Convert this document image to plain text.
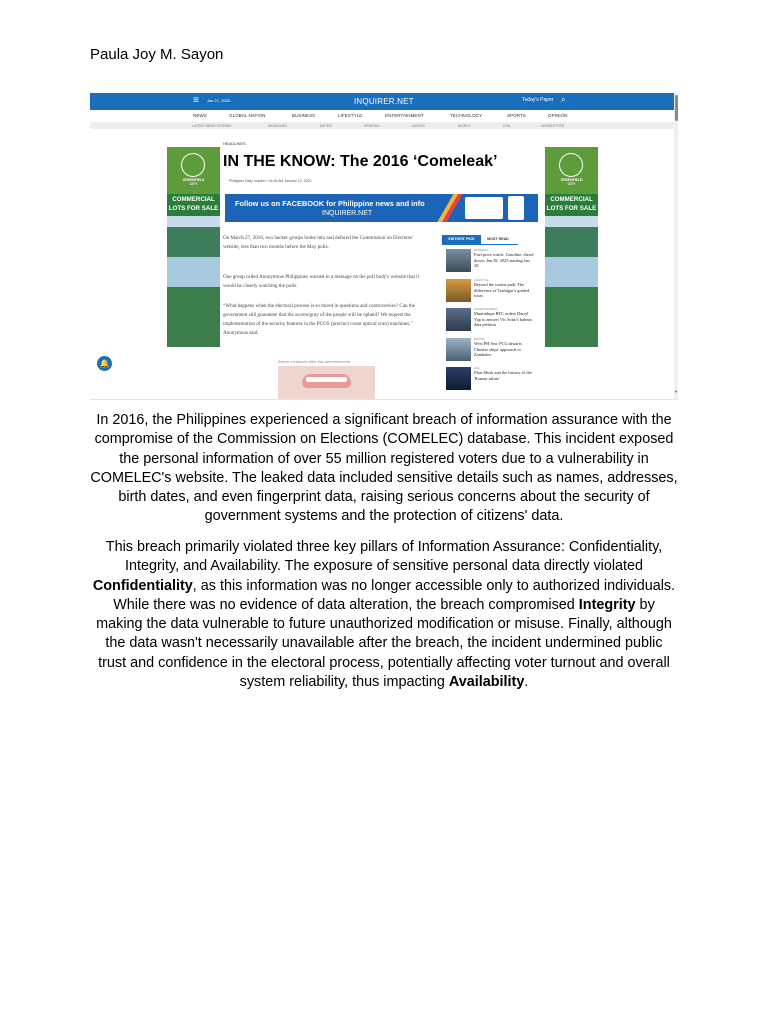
Paula Joy M. Sayon
≡ Jan 27, 2025	INQUIRER.NET	Today's Paper ⌕
NEWS	GLOBAL NATION	BUSINESS	LIFESTYLE	ENTERTAINMENT	TECHNOLOGY	SPORTS	OPINION
LATEST NEWS STORIES	HEADLINES	METRO	REGIONS	NATION	WORLD	CDN	NEWSLETTER
▼
HEADLINES
IN THE KNOW: The 2016 ‘Comeleak’
Philippine Daily Inquirer / 04:36 AM January 12, 2022
GREENFIELD
CITY
COMMERCIAL
LOTS FOR SALE
GREENFIELD
CITY
COMMERCIAL
LOTS FOR SALE
Follow us on FACEBOOK for Philippine news and info
INQUIRER.NET
On March 27, 2016, two hacker groups broke into and defaced the Commission on Elections' website, less than two months before the May polls.
One group called Anonymous Philippines warned in a message on the poll body's website that it would be closely watching the polls.
“What happens when the electoral process is so mired in questions and controversies? Can the government still guarantee that the sovereignty of the people will be upheld? We request the implementation of the security features in the PCOS (precinct count optical scan) machines,” Anonymous said.
EDITORS' PICK	MOST READ
BUSINESS
Fuel price watch: Gasoline, diesel down; Jan 28, 2025 starting Jan 28
LIFESTYLE
Beyond the tourist path: The difference of Trafalgar's guided tours
ENTERTAINMENT
Muntinlupa RTC orders Darryl Yap to answer Vic Sotto's habeas data petition
NATION
West PH Sea: PCG thwarts Chinese ships' approach to Zambales
USA
Elon Musk and the history of the 'Roman salute'
Article continues after this advertisement
🔔
In 2016, the Philippines experienced a significant breach of information assurance with the compromise of the Commission on Elections (COMELEC) database. This incident exposed the personal information of over 55 million registered voters due to a vulnerability in COMELEC's website. The leaked data included sensitive details such as names, addresses, birth dates, and even fingerprint data, raising serious concerns about the security of government systems and the protection of citizens' data.
This breach primarily violated three key pillars of Information Assurance: Confidentiality, Integrity, and Availability. The exposure of sensitive personal data directly violated Confidentiality, as this information was no longer accessible only to authorized individuals. While there was no evidence of data alteration, the breach compromised Integrity by making the data vulnerable to future unauthorized modification or misuse. Finally, although the data wasn't necessarily unavailable after the breach, the incident undermined public trust and confidence in the electoral process, potentially affecting voter turnout and overall system reliability, thus impacting Availability.
